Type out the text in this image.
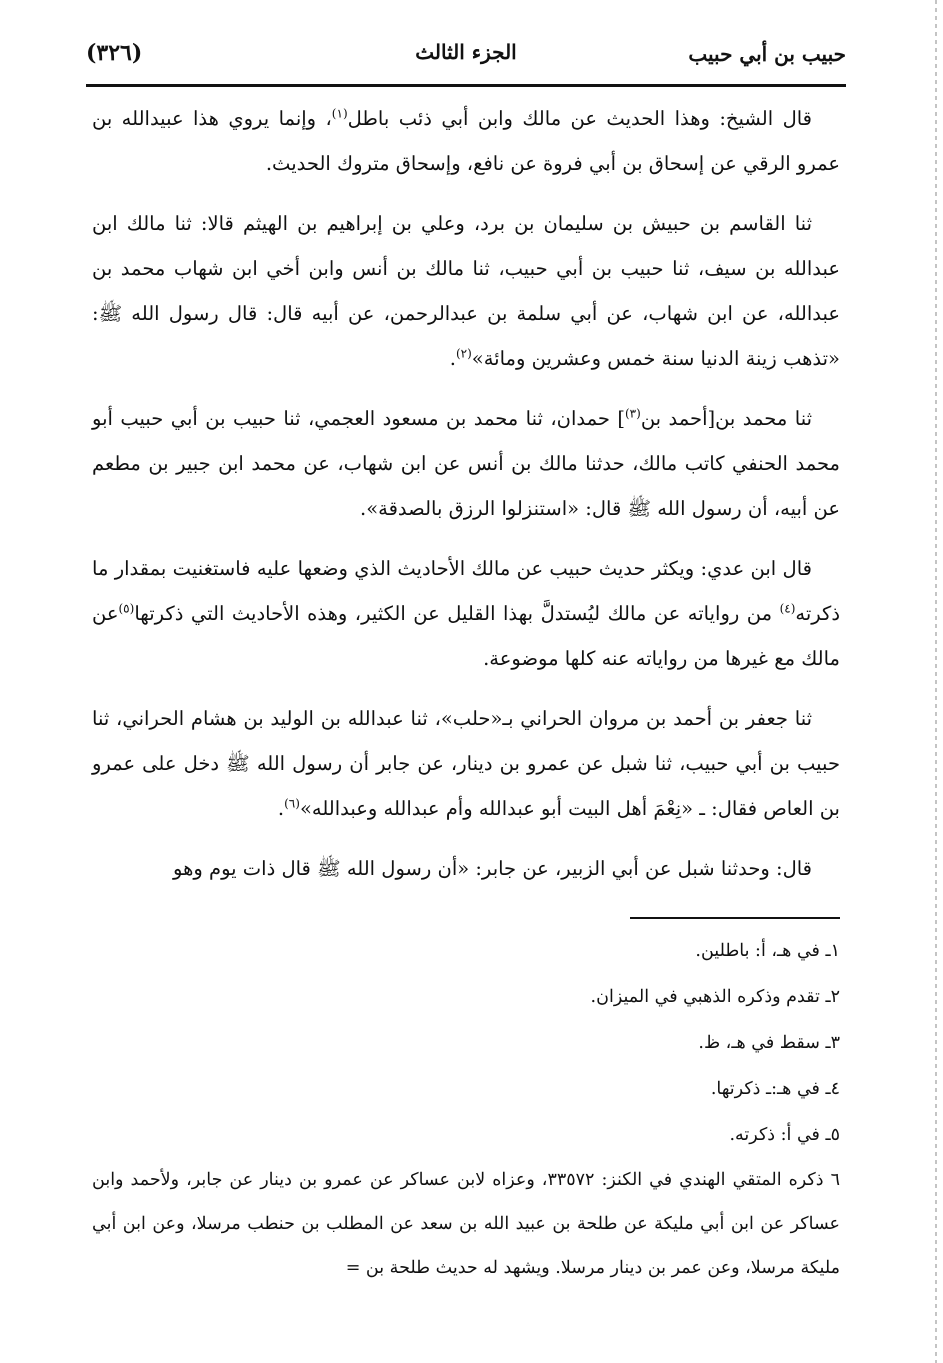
(٣٢٦)	الجزء الثالث	حبيب بن أبي حبيب

قال الشيخ: وهذا الحديث عن مالك وابن أبي ذئب باطل$^{(١)}$، وإنما يروي هذا عبيدالله بن عمرو الرقي عن إسحاق بن أبي فروة عن نافع، وإسحاق متروك الحديث.

ثنا القاسم بن حبيش بن سليمان بن برد، وعلي بن إبراهيم بن الهيثم قالا: ثنا مالك ابن عبدالله بن سيف، ثنا حبيب بن أبي حبيب، ثنا مالك بن أنس وابن أخي ابن شهاب محمد بن عبدالله، عن ابن شهاب، عن أبي سلمة بن عبدالرحمن، عن أبيه قال: قال رسول الله ﷺ: «تذهب زينة الدنيا سنة خمس وعشرين ومائة»$^{(٢)}$.

ثنا محمد بن[أحمد بن$^{(٣)}$] حمدان، ثنا محمد بن مسعود العجمي، ثنا حبيب بن أبي حبيب أبو محمد الحنفي كاتب مالك، حدثنا مالك بن أنس عن ابن شهاب، عن محمد ابن جبير بن مطعم عن أبيه، أن رسول الله ﷺ قال: «استنزلوا الرزق بالصدقة».

قال ابن عدي: ويكثر حديث حبيب عن مالك الأحاديث الذي وضعها عليه فاستغنيت بمقدار ما ذكرته$^{(٤)}$ من رواياته عن مالك ليُستدلَّ بهذا القليل عن الكثير، وهذه الأحاديث التي ذكرتها$^{(٥)}$عن مالك مع غيرها من رواياته عنه كلها موضوعة.

ثنا جعفر بن أحمد بن مروان الحراني بـ«حلب»، ثنا عبدالله بن الوليد بن هشام الحراني، ثنا حبيب بن أبي حبيب، ثنا شبل عن عمرو بن دينار، عن جابر أن رسول الله ﷺ دخل على عمرو بن العاص فقال: ـ «نِعْمَ أهل البيت أبو عبدالله وأم عبدالله وعبدالله»$^{(٦)}$.

قال: وحدثنا شبل عن أبي الزبير، عن جابر: «أن رسول الله ﷺ قال ذات يوم وهو

١ـ في هـ، أ: باطلين.

٢ـ تقدم وذكره الذهبي في الميزان.

٣ـ سقط في هـ، ظ.

٤ـ في هـ:ـ ذكرتها.

٥ـ في أ: ذكرته.

٦ ذكره المتقي الهندي في الكنز: ٣٣٥٧٢، وعزاه لابن عساكر عن عمرو بن دينار عن جابر، ولأحمد وابن عساكر عن ابن أبي مليكة عن طلحة بن عبيد الله بن سعد عن المطلب بن حنطب مرسلا، وعن ابن أبي مليكة مرسلا، وعن عمر بن دينار مرسلا. ويشهد له حديث طلحة بن =
